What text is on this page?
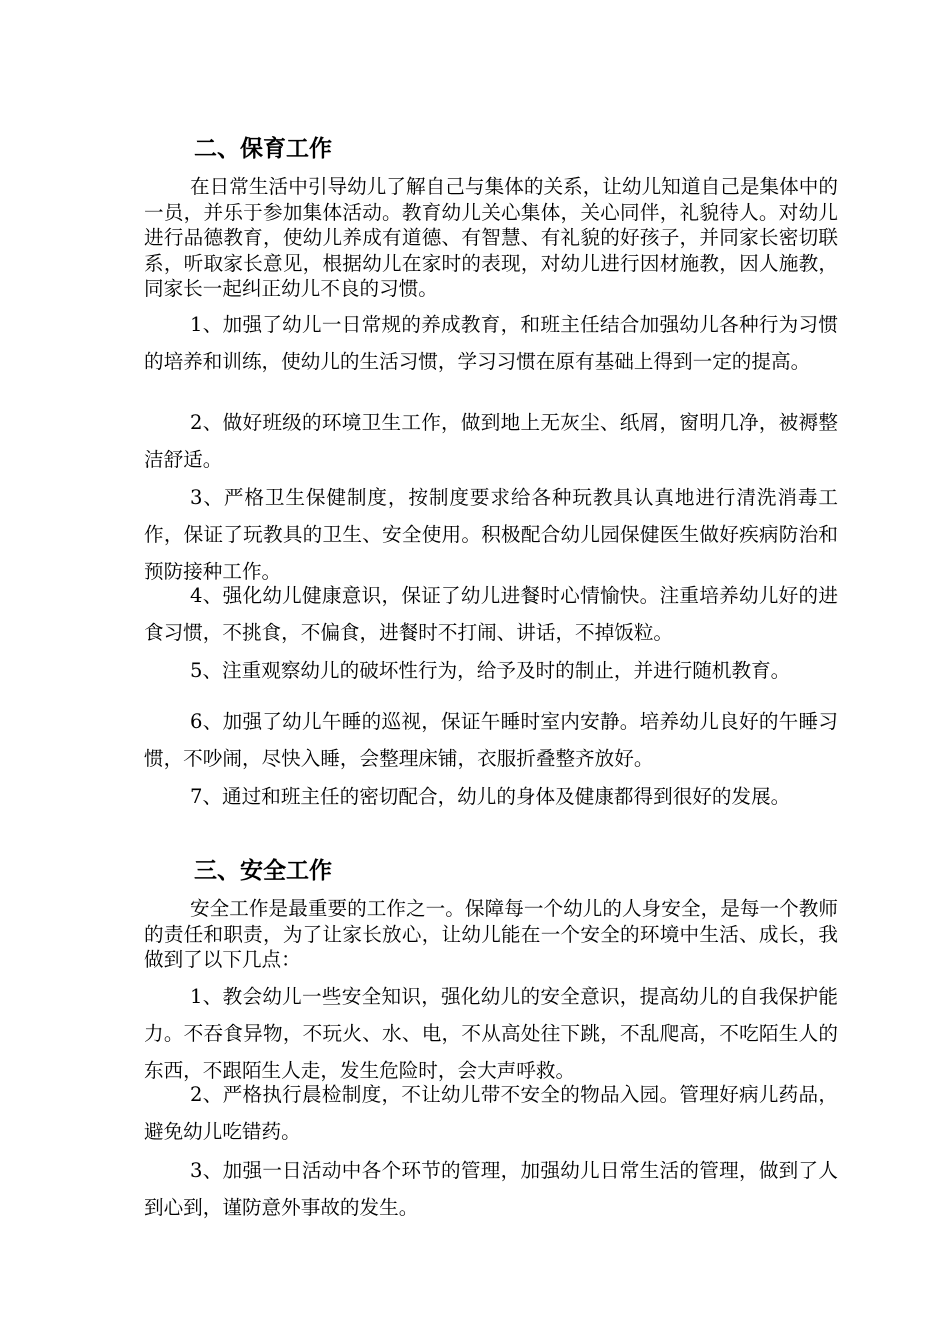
二、保育工作

在日常生活中引导幼儿了解自己与集体的关系，让幼儿知道自己是集体中的一员，并乐于参加集体活动。教育幼儿关心集体，关心同伴，礼貌待人。对幼儿进行品德教育，使幼儿养成有道德、有智慧、有礼貌的好孩子，并同家长密切联系，听取家长意见，根据幼儿在家时的表现，对幼儿进行因材施教，因人施教，同家长一起纠正幼儿不良的习惯。

1、加强了幼儿一日常规的养成教育，和班主任结合加强幼儿各种行为习惯的培养和训练，使幼儿的生活习惯，学习习惯在原有基础上得到一定的提高。

2、做好班级的环境卫生工作，做到地上无灰尘、纸屑，窗明几净，被褥整洁舒适。

3、严格卫生保健制度，按制度要求给各种玩教具认真地进行清洗消毒工作，保证了玩教具的卫生、安全使用。积极配合幼儿园保健医生做好疾病防治和预防接种工作。

4、强化幼儿健康意识，保证了幼儿进餐时心情愉快。注重培养幼儿好的进食习惯，不挑食，不偏食，进餐时不打闹、讲话，不掉饭粒。

5、注重观察幼儿的破坏性行为，给予及时的制止，并进行随机教育。

6、加强了幼儿午睡的巡视，保证午睡时室内安静。培养幼儿良好的午睡习惯，不吵闹，尽快入睡，会整理床铺，衣服折叠整齐放好。

7、通过和班主任的密切配合，幼儿的身体及健康都得到很好的发展。

三、安全工作

安全工作是最重要的工作之一。保障每一个幼儿的人身安全，是每一个教师的责任和职责，为了让家长放心，让幼儿能在一个安全的环境中生活、成长，我做到了以下几点：

1、教会幼儿一些安全知识，强化幼儿的安全意识，提高幼儿的自我保护能力。不吞食异物，不玩火、水、电，不从高处往下跳，不乱爬高，不吃陌生人的东西，不跟陌生人走，发生危险时，会大声呼救。

2、严格执行晨检制度，不让幼儿带不安全的物品入园。管理好病儿药品，避免幼儿吃错药。

3、加强一日活动中各个环节的管理，加强幼儿日常生活的管理，做到了人到心到，谨防意外事故的发生。
